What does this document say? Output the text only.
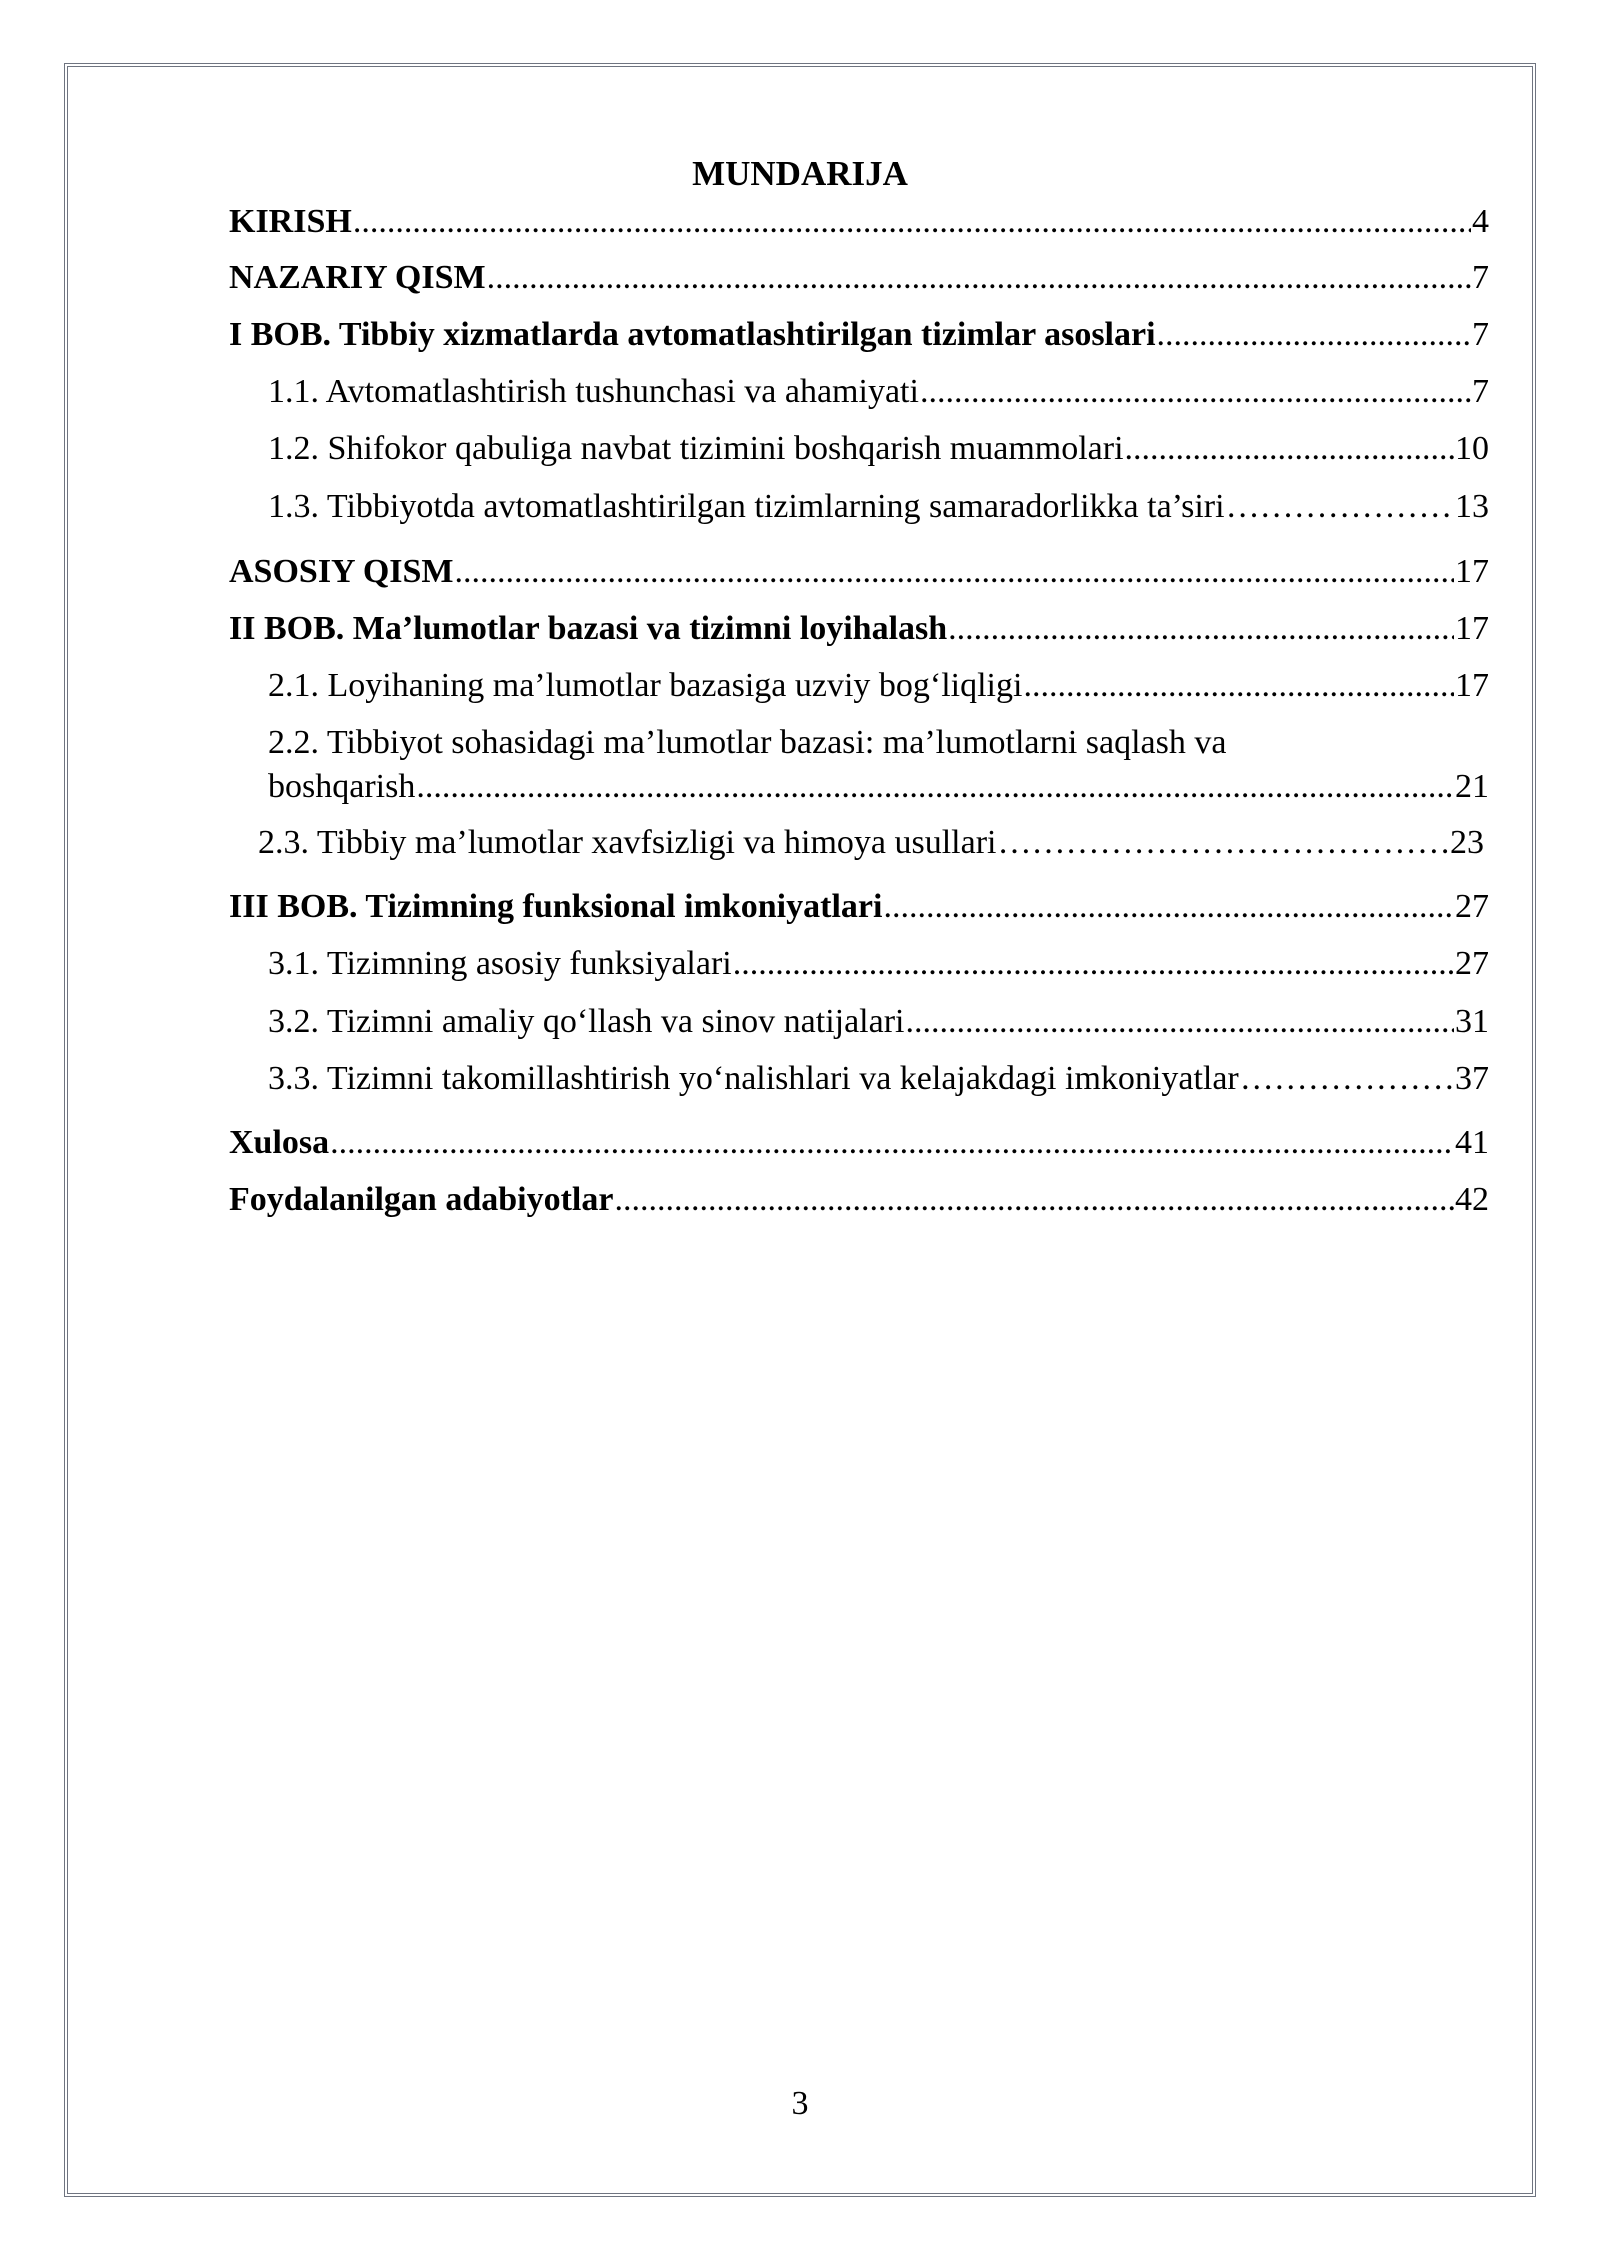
MUNDARIJA
KIRISH .....	4
NAZARIY QISM .....	7
I BOB. Tibbiy xizmatlarda avtomatlashtirilgan tizimlar asoslari .....	7
1.1. Avtomatlashtirish tushunchasi va ahamiyati .....	7
1.2. Shifokor qabuliga navbat tizimini boshqarish muammolari .....	10
1.3. Tibbiyotda avtomatlashtirilgan tizimlarning samaradorlikka ta’siri ……………………………………………………………………………………………………………………………………	13
ASOSIY QISM .....	17
II BOB. Ma’lumotlar bazasi va tizimni loyihalash .....	17
2.1. Loyihaning ma’lumotlar bazasiga uzviy bog‘liqligi .....	17
2.2. Tibbiyot sohasidagi ma’lumotlar bazasi: ma’lumotlarni saqlash va
boshqarish .....	21
2.3. Tibbiy ma’lumotlar xavfsizligi va himoya usullari ……………………………………………………………………………………………………………………………………	23
III BOB. Tizimning funksional imkoniyatlari .....	27
3.1. Tizimning asosiy funksiyalari .....	27
3.2. Tizimni amaliy qo‘llash va sinov natijalari .....	31
3.3. Tizimni takomillashtirish yo‘nalishlari va kelajakdagi imkoniyatlar ……………………………………………………………………………………………………………………………………	37
Xulosa .....	41
Foydalanilgan adabiyotlar .....	42
3
